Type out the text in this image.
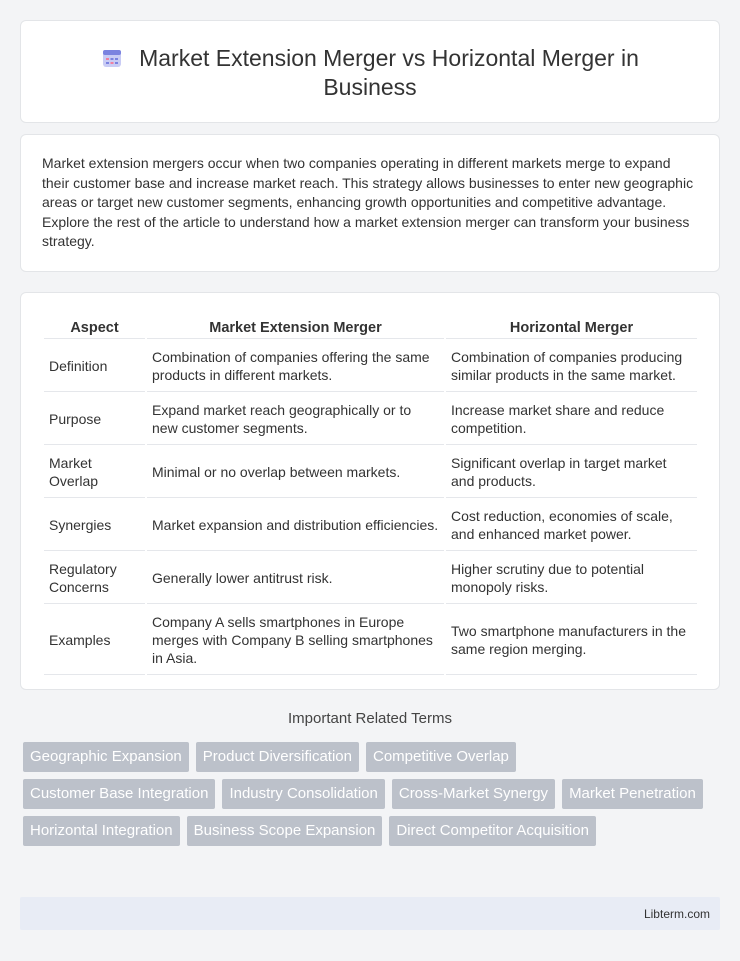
Market Extension Merger vs Horizontal Merger in Business

Market extension mergers occur when two companies operating in different markets merge to expand their customer base and increase market reach. This strategy allows businesses to enter new geographic areas or target new customer segments, enhancing growth opportunities and competitive advantage. Explore the rest of the article to understand how a market extension merger can transform your business strategy.

Aspect	Market Extension Merger	Horizontal Merger
Definition	Combination of companies offering the same products in different markets.	Combination of companies producing similar products in the same market.
Purpose	Expand market reach geographically or to new customer segments.	Increase market share and reduce competition.
Market Overlap	Minimal or no overlap between markets.	Significant overlap in target market and products.
Synergies	Market expansion and distribution efficiencies.	Cost reduction, economies of scale, and enhanced market power.
Regulatory Concerns	Generally lower antitrust risk.	Higher scrutiny due to potential monopoly risks.
Examples	Company A sells smartphones in Europe merges with Company B selling smartphones in Asia.	Two smartphone manufacturers in the same region merging.
Important Related Terms
Geographic Expansion	Product Diversification	Competitive Overlap
Customer Base Integration	Industry Consolidation	Cross-Market Synergy	Market Penetration
Horizontal Integration	Business Scope Expansion	Direct Competitor Acquisition
Libterm.com
